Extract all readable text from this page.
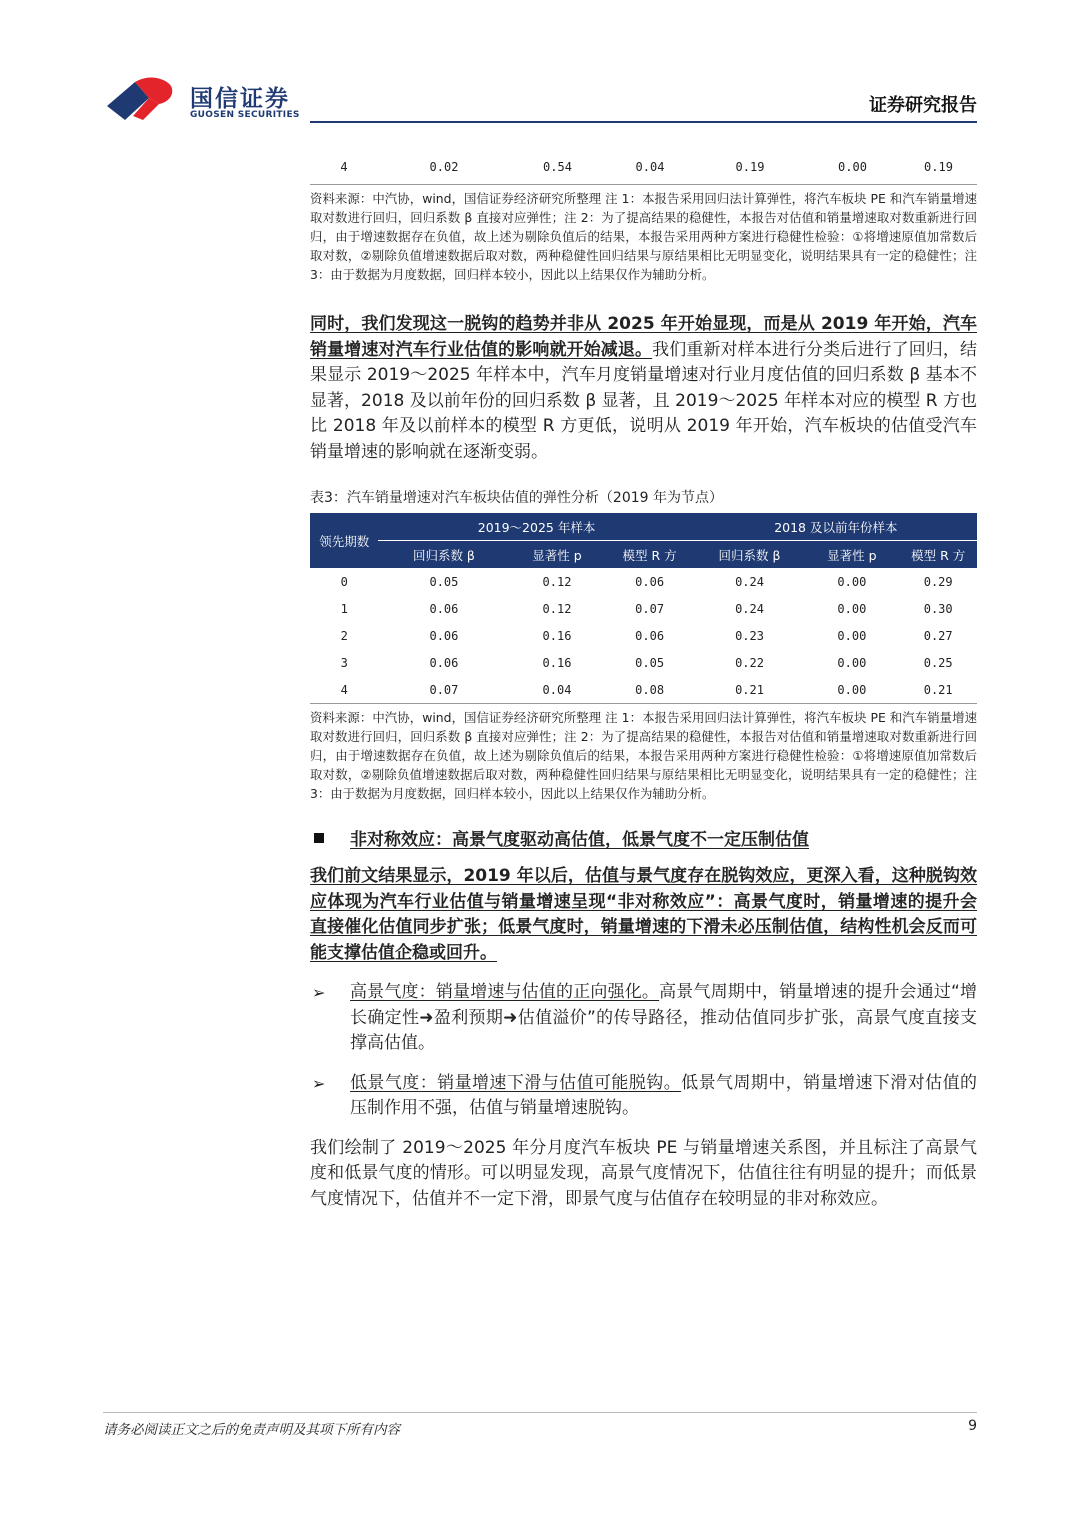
国信证券
GUOSEN SECURITIES	证券研究报告
4	0.02	0.54	0.04	0.19	0.00	0.19
资料来源：中汽协，wind，国信证券经济研究所整理 注 1：本报告采用回归法计算弹性，将汽车板块 PE 和汽车销量增速取对数进行回归，回归系数 β 直接对应弹性；注 2：为了提高结果的稳健性，本报告对估值和销量增速取对数重新进行回归，由于增速数据存在负值，故上述为剔除负值后的结果，本报告采用两种方案进行稳健性检验：①将增速原值加常数后取对数，②剔除负值增速数据后取对数，两种稳健性回归结果与原结果相比无明显变化，说明结果具有一定的稳健性；注 3：由于数据为月度数据，回归样本较小，因此以上结果仅作为辅助分析。

同时，我们发现这一脱钩的趋势并非从 2025 年开始显现，而是从 2019 年开始，汽车销量增速对汽车行业估值的影响就开始减退。我们重新对样本进行分类后进行了回归，结果显示 2019～2025 年样本中，汽车月度销量增速对行业月度估值的回归系数 β 基本不显著，2018 及以前年份的回归系数 β 显著，且 2019～2025 年样本对应的模型 R 方也比 2018 年及以前样本的模型 R 方更低，说明从 2019 年开始，汽车板块的估值受汽车销量增速的影响就在逐渐变弱。

表3：汽车销量增速对汽车板块估值的弹性分析（2019 年为节点）
领先期数	2019～2025 年样本			2018 及以前年份样本		
	回归系数 β	显著性 p	模型 R 方	回归系数 β	显著性 p	模型 R 方
0	0.05	0.12	0.06	0.24	0.00	0.29
1	0.06	0.12	0.07	0.24	0.00	0.30
2	0.06	0.16	0.06	0.23	0.00	0.27
3	0.06	0.16	0.05	0.22	0.00	0.25
4	0.07	0.04	0.08	0.21	0.00	0.21
资料来源：中汽协，wind，国信证券经济研究所整理 注 1：本报告采用回归法计算弹性，将汽车板块 PE 和汽车销量增速取对数进行回归，回归系数 β 直接对应弹性；注 2：为了提高结果的稳健性，本报告对估值和销量增速取对数重新进行回归，由于增速数据存在负值，故上述为剔除负值后的结果，本报告采用两种方案进行稳健性检验：①将增速原值加常数后取对数，②剔除负值增速数据后取对数，两种稳健性回归结果与原结果相比无明显变化，说明结果具有一定的稳健性；注 3：由于数据为月度数据，回归样本较小，因此以上结果仅作为辅助分析。
非对称效应：高景气度驱动高估值，低景气度不一定压制估值

我们前文结果显示，2019 年以后，估值与景气度存在脱钩效应，更深入看，这种脱钩效应体现为汽车行业估值与销量增速呈现“非对称效应”：高景气度时，销量增速的提升会直接催化估值同步扩张；低景气度时，销量增速的下滑未必压制估值，结构性机会反而可能支撑估值企稳或回升。

➢	高景气度：销量增速与估值的正向强化。高景气周期中，销量增速的提升会通过“增长确定性➜盈利预期➜估值溢价”的传导路径，推动估值同步扩张，高景气度直接支撑高估值。

➢	低景气度：销量增速下滑与估值可能脱钩。低景气周期中，销量增速下滑对估值的压制作用不强，估值与销量增速脱钩。

我们绘制了 2019～2025 年分月度汽车板块 PE 与销量增速关系图，并且标注了高景气度和低景气度的情形。可以明显发现，高景气度情况下，估值往往有明显的提升；而低景气度情况下，估值并不一定下滑，即景气度与估值存在较明显的非对称效应。

请务必阅读正文之后的免责声明及其项下所有内容	9
